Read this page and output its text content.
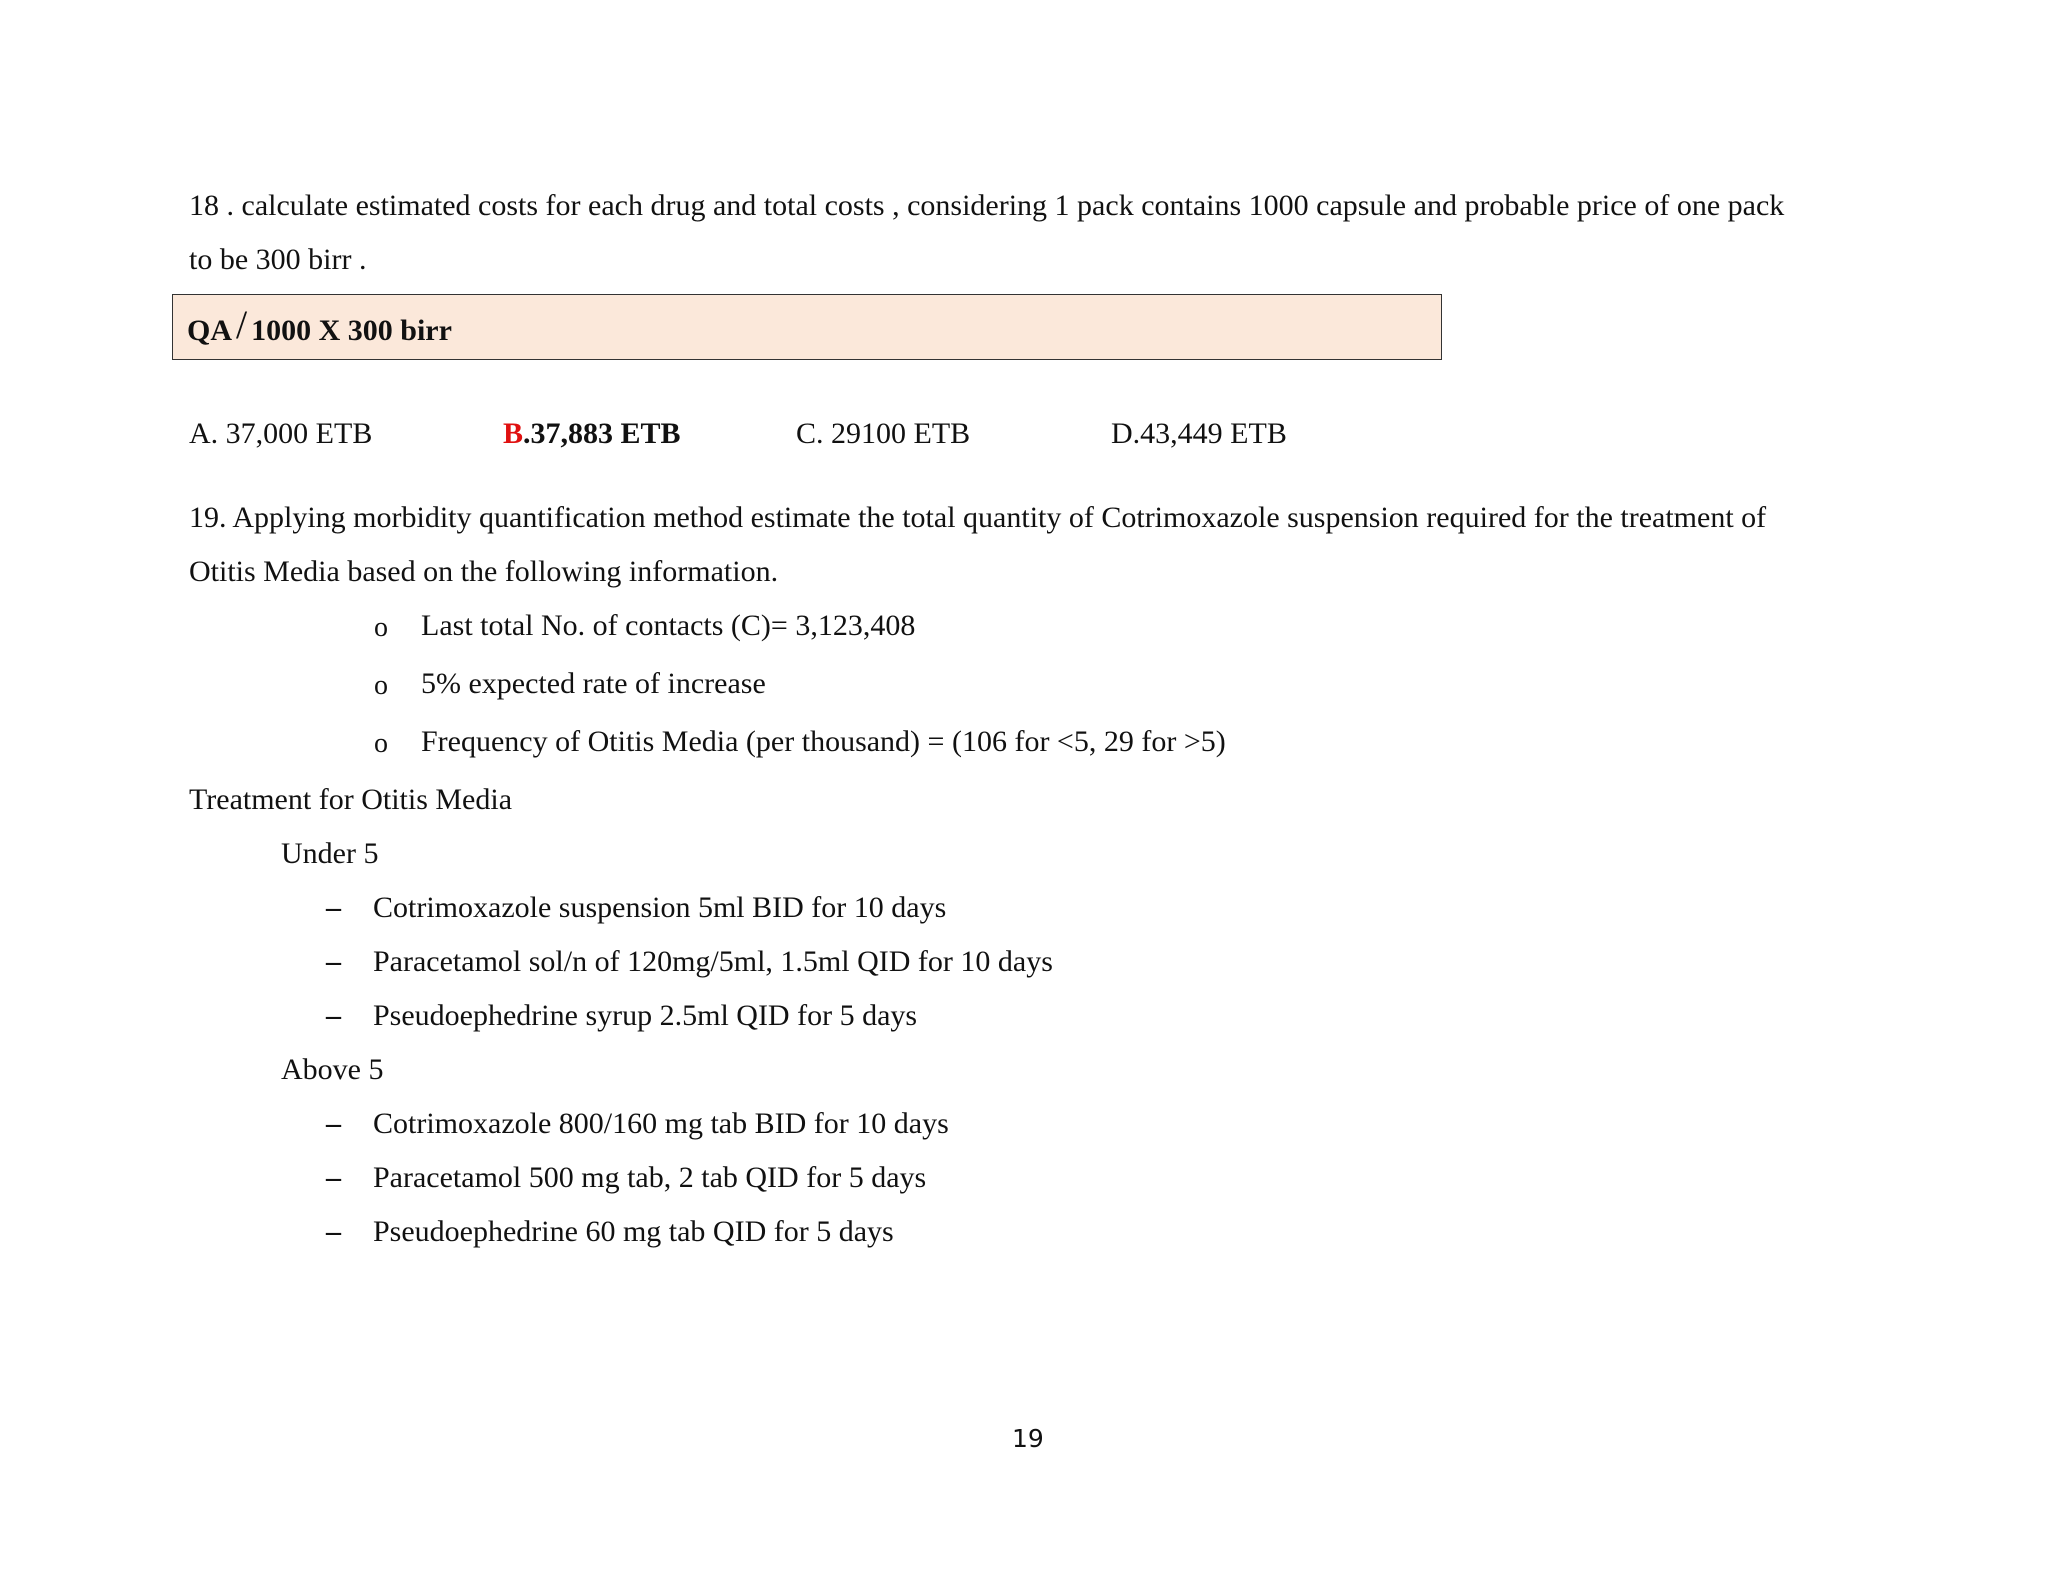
18 . calculate estimated costs for each drug and total costs , considering 1 pack contains 1000 capsule and probable price of one pack
to be 300 birr .
QA / 1000 X 300 birr
A. 37,000 ETB	B.37,883 ETB	C. 29100 ETB	D.43,449 ETB
19. Applying morbidity quantification method estimate the total quantity of Cotrimoxazole suspension required for the treatment of
Otitis Media based on the following information.
o Last total No. of contacts (C)= 3,123,408
o 5% expected rate of increase
o Frequency of Otitis Media (per thousand) = (106 for <5, 29 for >5)
Treatment for Otitis Media
Under 5
– Cotrimoxazole suspension 5ml BID for 10 days
– Paracetamol sol/n of 120mg/5ml, 1.5ml QID for 10 days
– Pseudoephedrine syrup 2.5ml QID for 5 days
Above 5
– Cotrimoxazole 800/160 mg tab BID for 10 days
– Paracetamol 500 mg tab, 2 tab QID for 5 days
– Pseudoephedrine 60 mg tab QID for 5 days
19
